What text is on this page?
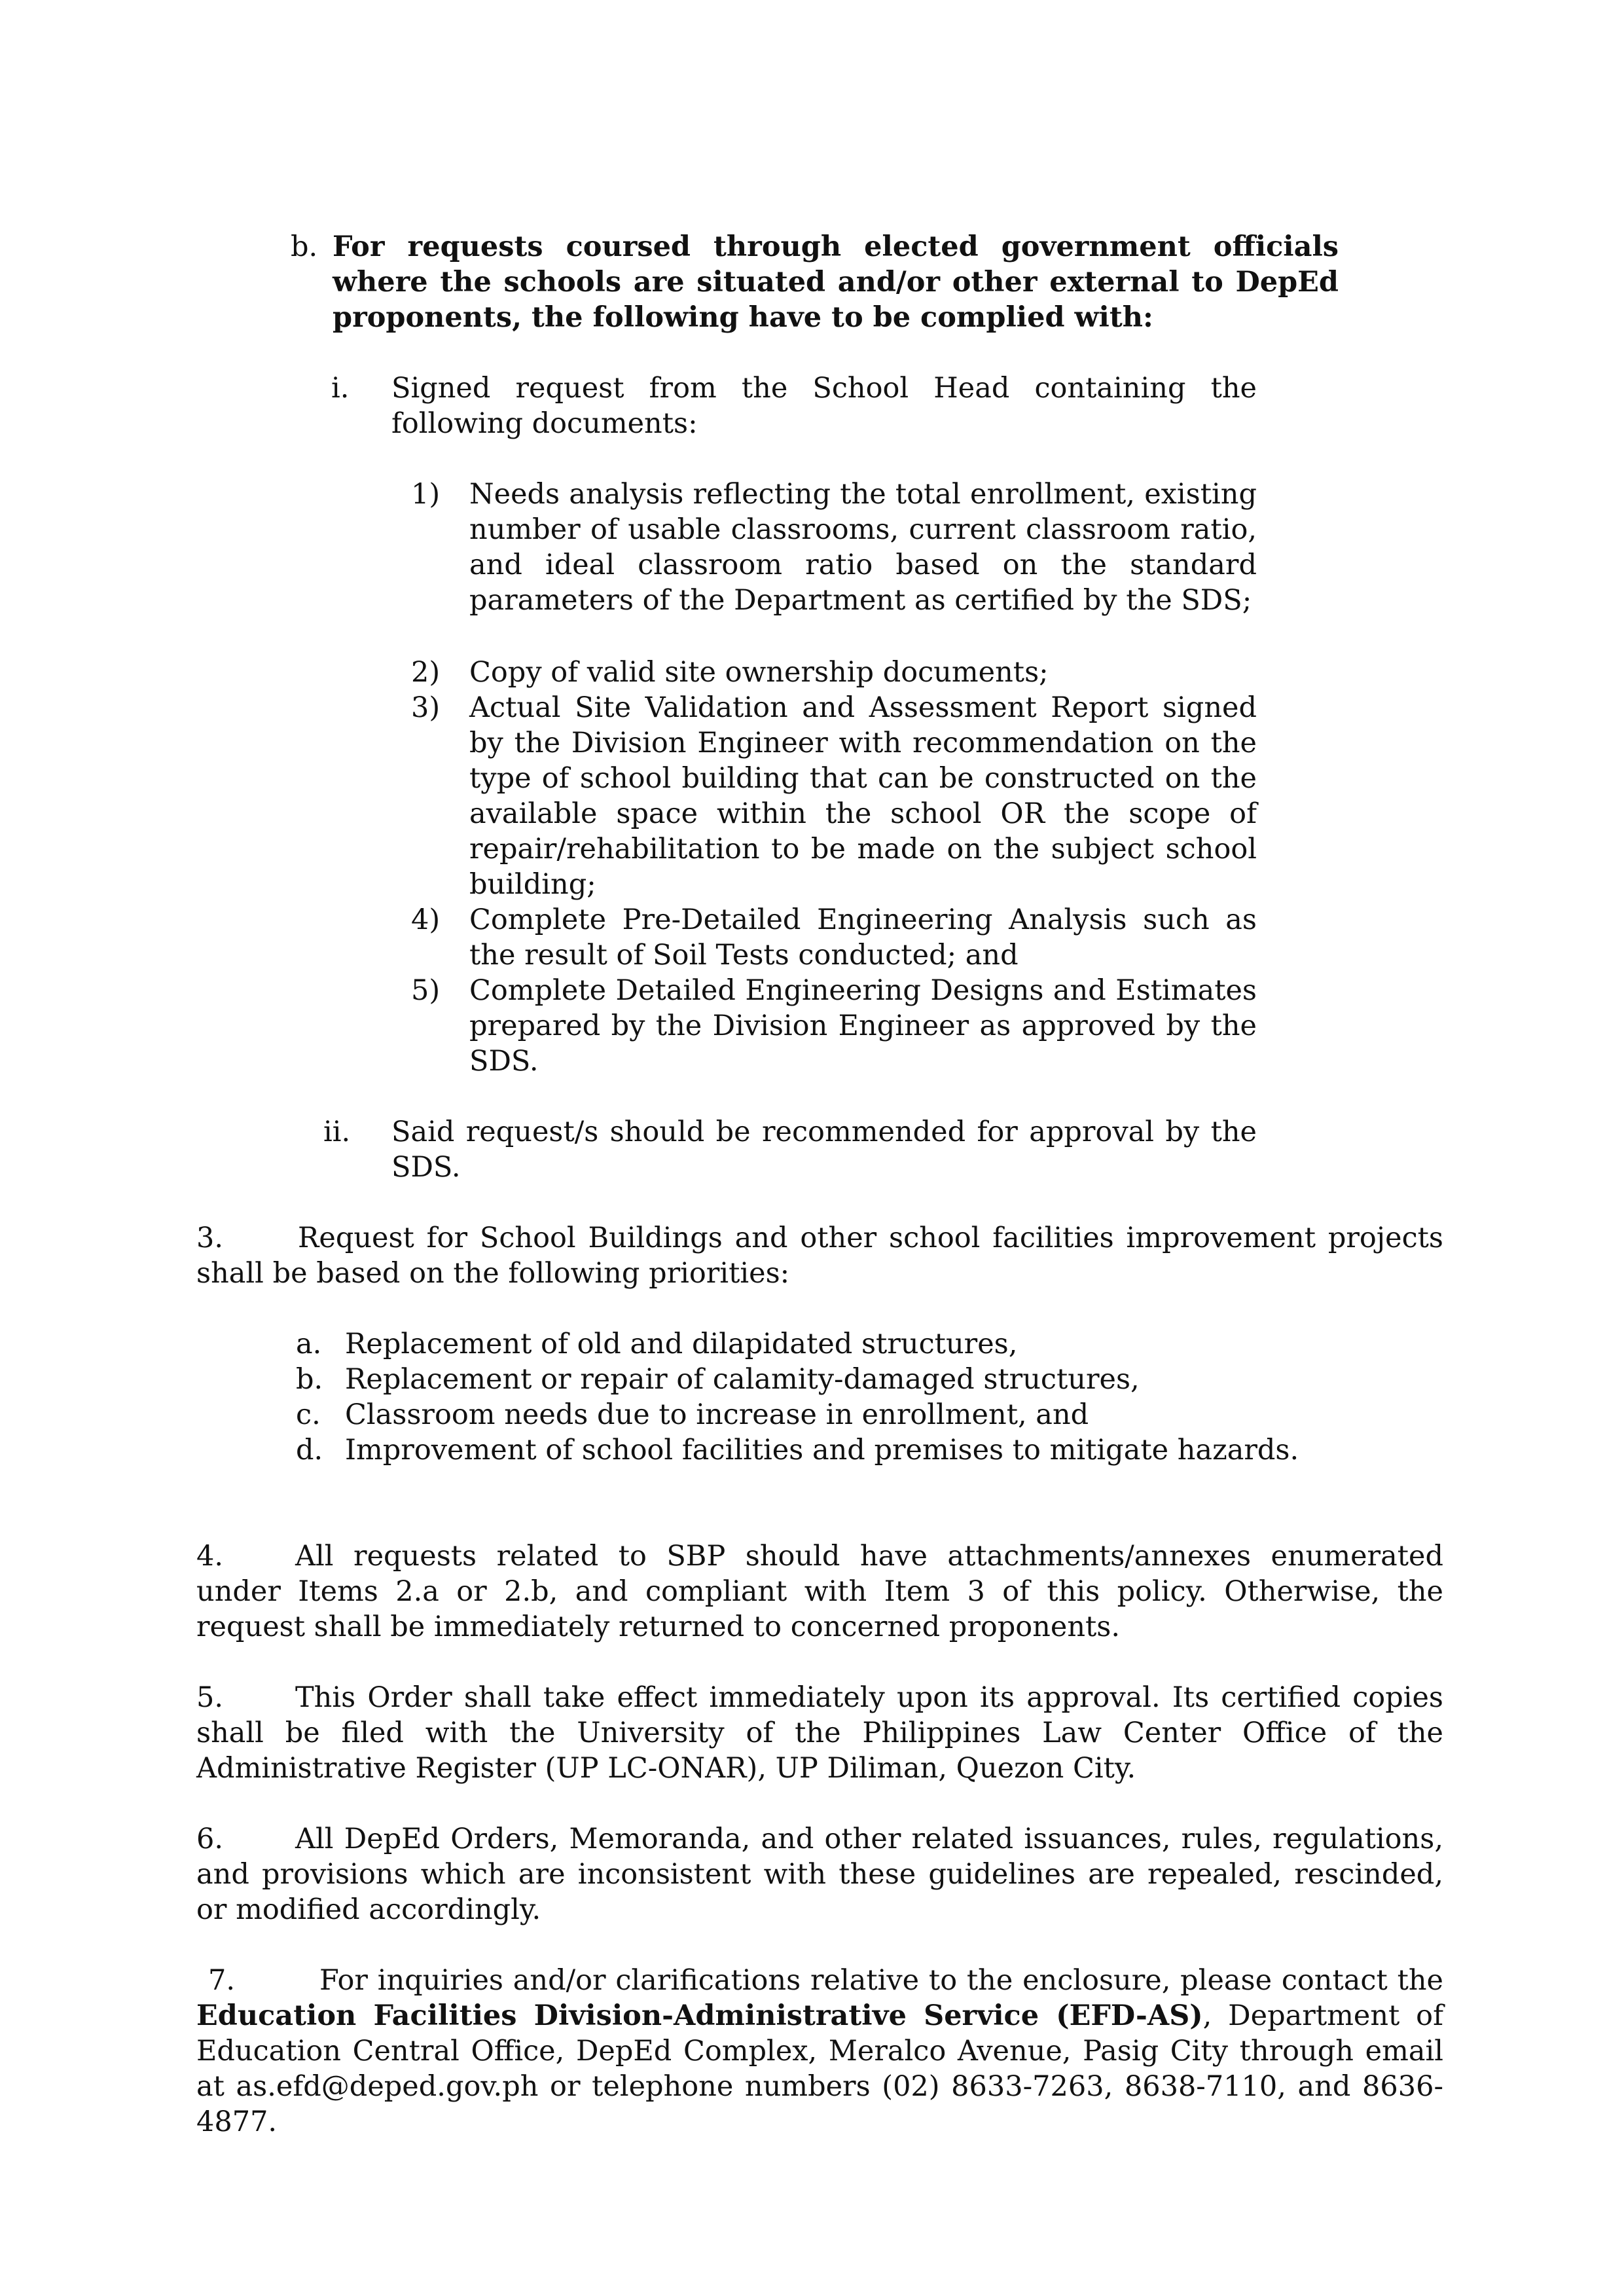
b. For requests coursed through elected government officials where the schools are situated and/or other external to DepEd proponents, the following have to be complied with:
i. Signed request from the School Head containing the following documents:
1) Needs analysis reflecting the total enrollment, existing number of usable classrooms, current classroom ratio, and ideal classroom ratio based on the standard parameters of the Department as certified by the SDS;
2) Copy of valid site ownership documents;
3) Actual Site Validation and Assessment Report signed by the Division Engineer with recommendation on the type of school building that can be constructed on the available space within the school OR the scope of repair/rehabilitation to be made on the subject school building;
4) Complete Pre-Detailed Engineering Analysis such as the result of Soil Tests conducted; and
5) Complete Detailed Engineering Designs and Estimates prepared by the Division Engineer as approved by the SDS.
ii. Said request/s should be recommended for approval by the SDS.
3.	Request for School Buildings and other school facilities improvement projects shall be based on the following priorities:
a. Replacement of old and dilapidated structures,
b. Replacement or repair of calamity-damaged structures,
c. Classroom needs due to increase in enrollment, and
d. Improvement of school facilities and premises to mitigate hazards.
4.	All requests related to SBP should have attachments/annexes enumerated under Items 2.a or 2.b, and compliant with Item 3 of this policy. Otherwise, the request shall be immediately returned to concerned proponents.
5.	This Order shall take effect immediately upon its approval. Its certified copies shall be filed with the University of the Philippines Law Center Office of the Administrative Register (UP LC-ONAR), UP Diliman, Quezon City.
6.	All DepEd Orders, Memoranda, and other related issuances, rules, regulations, and provisions which are inconsistent with these guidelines are repealed, rescinded, or modified accordingly.
7.	For inquiries and/or clarifications relative to the enclosure, please contact the Education Facilities Division-Administrative Service (EFD-AS), Department of Education Central Office, DepEd Complex, Meralco Avenue, Pasig City through email at as.efd@deped.gov.ph or telephone numbers (02) 8633-7263, 8638-7110, and 8636-4877.
